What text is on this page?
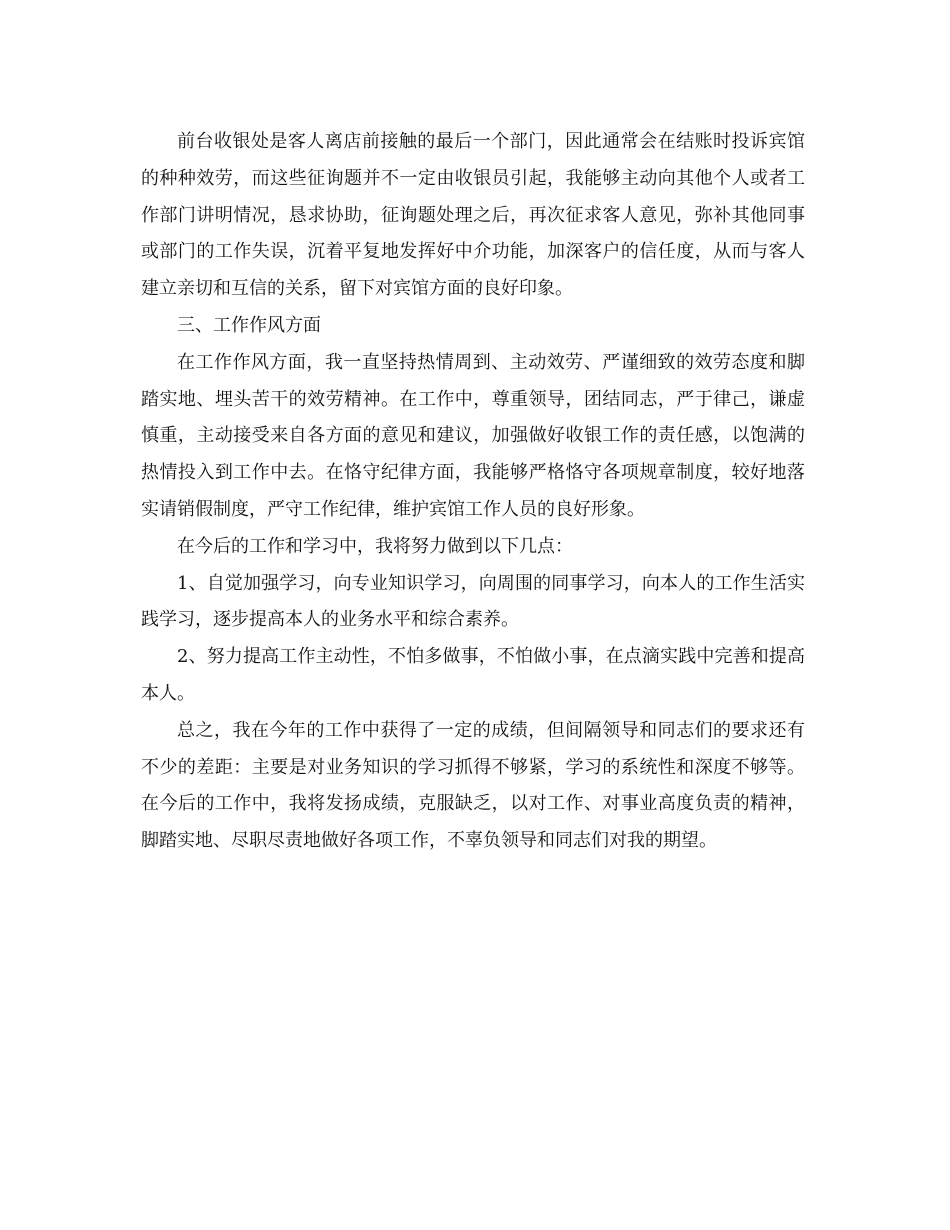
前台收银处是客人离店前接触的最后一个部门，因此通常会在结账时投诉宾馆的种种效劳，而这些征询题并不一定由收银员引起，我能够主动向其他个人或者工作部门讲明情况，恳求协助，征询题处理之后，再次征求客人意见，弥补其他同事或部门的工作失误，沉着平复地发挥好中介功能，加深客户的信任度，从而与客人建立亲切和互信的关系，留下对宾馆方面的良好印象。

三、工作作风方面

在工作作风方面，我一直坚持热情周到、主动效劳、严谨细致的效劳态度和脚踏实地、埋头苦干的效劳精神。在工作中，尊重领导，团结同志，严于律己，谦虚慎重，主动接受来自各方面的意见和建议，加强做好收银工作的责任感，以饱满的热情投入到工作中去。在恪守纪律方面，我能够严格恪守各项规章制度，较好地落实请销假制度，严守工作纪律，维护宾馆工作人员的良好形象。

在今后的工作和学习中，我将努力做到以下几点：

1、自觉加强学习，向专业知识学习，向周围的同事学习，向本人的工作生活实践学习，逐步提高本人的业务水平和综合素养。

2、努力提高工作主动性，不怕多做事，不怕做小事，在点滴实践中完善和提高本人。

总之，我在今年的工作中获得了一定的成绩，但间隔领导和同志们的要求还有不少的差距：主要是对业务知识的学习抓得不够紧，学习的系统性和深度不够等。在今后的工作中，我将发扬成绩，克服缺乏，以对工作、对事业高度负责的精神，脚踏实地、尽职尽责地做好各项工作，不辜负领导和同志们对我的期望。
